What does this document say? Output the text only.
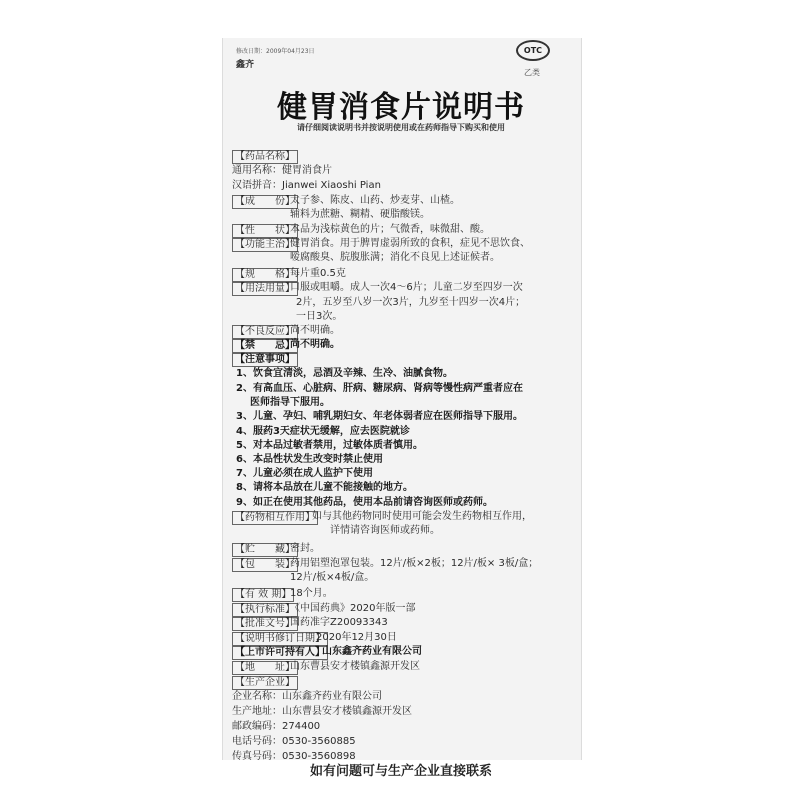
修改日期：2009年04月23日
鑫齐
OTC
乙类
健胃消食片说明书
请仔细阅读说明书并按说明使用或在药师指导下购买和使用
【药品名称】
通用名称：健胃消食片
汉语拼音：Jianwei Xiaoshi Pian
【成　　份】
太子参、陈皮、山药、炒麦芽、山楂。
辅料为蔗糖、糊精、硬脂酸镁。
【性　　状】
本品为浅棕黄色的片；气微香，味微甜、酸。
【功能主治】
健胃消食。用于脾胃虚弱所致的食积，症见不思饮食、
嗳腐酸臭、脘腹胀满；消化不良见上述证候者。
【规　　格】
每片重0.5克
【用法用量】
口服或咀嚼。成人一次4～6片；儿童二岁至四岁一次
2片，五岁至八岁一次3片，九岁至十四岁一次4片；
一日3次。
【不良反应】
尚不明确。
【禁　　忌】
尚不明确。
【注意事项】
1、饮食宜清淡，忌酒及辛辣、生冷、油腻食物。
2、有高血压、心脏病、肝病、糖尿病、肾病等慢性病严重者应在
医师指导下服用。
3、儿童、孕妇、哺乳期妇女、年老体弱者应在医师指导下服用。
4、服药3天症状无缓解，应去医院就诊
5、对本品过敏者禁用，过敏体质者慎用。
6、本品性状发生改变时禁止使用
7、儿童必须在成人监护下使用
8、请将本品放在儿童不能接触的地方。
9、如正在使用其他药品，使用本品前请咨询医师或药师。
【药物相互作用】
如与其他药物同时使用可能会发生药物相互作用，
详情请咨询医师或药师。
【贮　　藏】
密封。
【包　　装】
药用铝塑泡罩包装。12片/板×2板；12片/板× 3板/盒；
12片/板×4板/盒。
【有 效 期】
18个月。
【执行标准】
《中国药典》2020年版一部
【批准文号】
国药准字Z20093343
【说明书修订日期】
2020年12月30日
【上市许可持有人】
山东鑫齐药业有限公司
【地　　址】
山东曹县安才楼镇鑫源开发区
【生产企业】
企业名称：山东鑫齐药业有限公司
生产地址：山东曹县安才楼镇鑫源开发区
邮政编码：274400
电话号码：0530-3560885
传真号码：0530-3560898
如有问题可与生产企业直接联系
